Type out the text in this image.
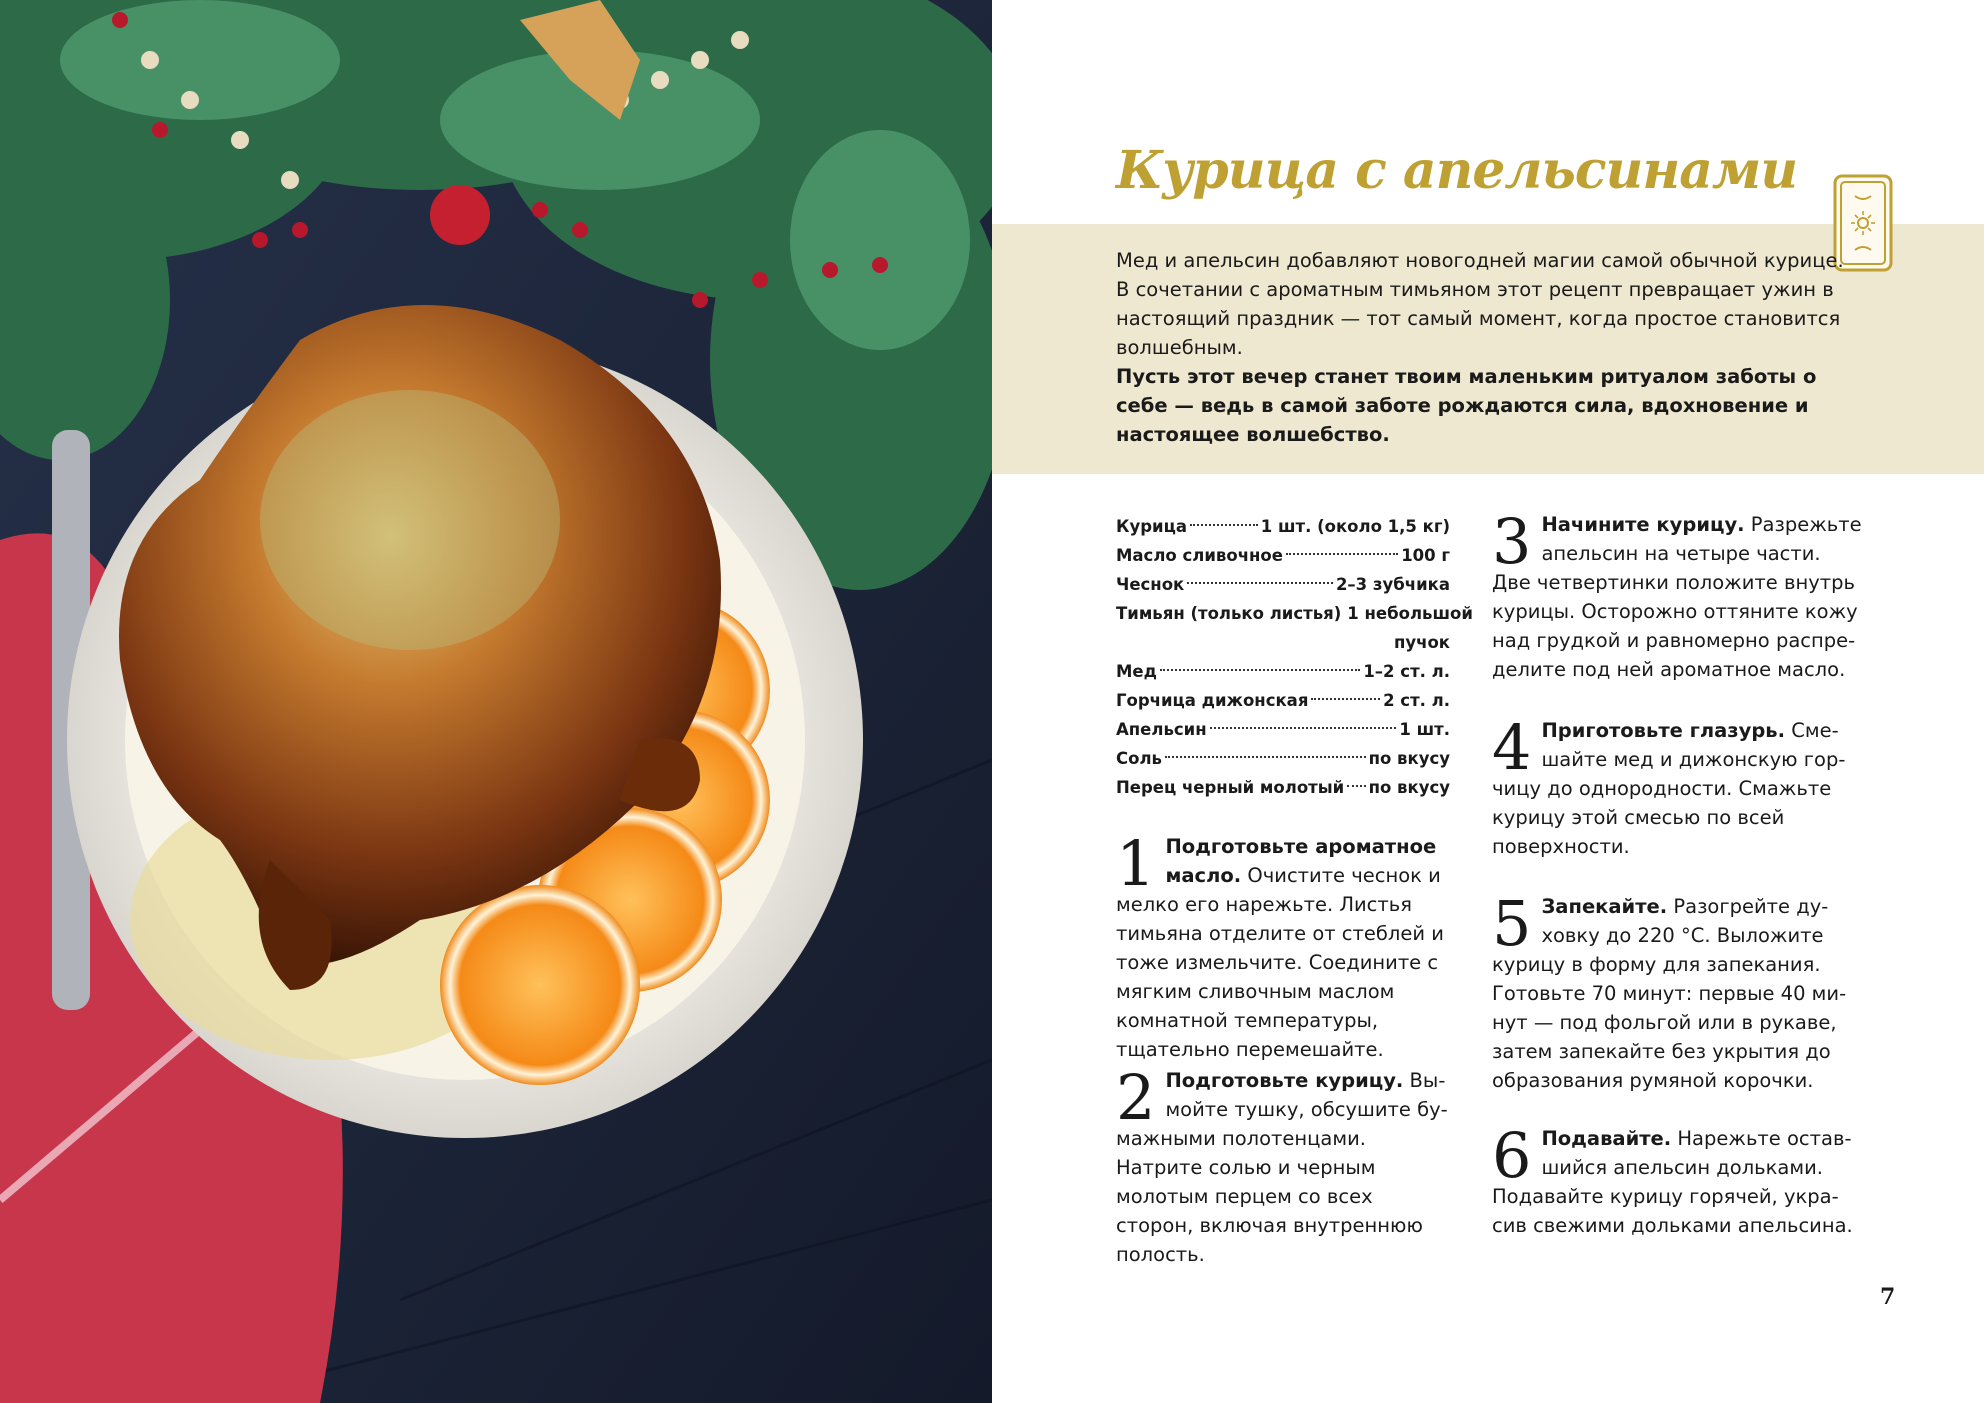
Курица с апельсинами

Мед и апельсин добавляют новогодней магии самой обычной курице. В сочетании с ароматным тимьяном этот рецепт превращает ужин в настоящий праздник — тот самый момент, когда простое становится волшебным.

Пусть этот вечер станет твоим маленьким ритуалом заботы о себе — ведь в самой заботе рождаются сила, вдохновение и настоящее волшебство.

Курица	1 шт. (около 1,5 кг)
Масло сливочное	100 г
Чеснок	2–3 зубчика
Тимьян (только листья) 1 небольшой
пучок
Мед	1–2 ст. л.
Горчица дижонская	2 ст. л.
Апельсин	1 шт.
Соль	по вкусу
Перец черный молотый по вкусу
1 Подготовьте ароматное масло. Очистите чеснок и мелко его нарежьте. Листья тимьяна отделите от стеблей и тоже измельчите. Соедините с мягким сливочным маслом комнатной температуры, тщательно перемешайте.
2 Подготовьте курицу. Вымойте тушку, обсушите бумажными полотенцами. Натрите солью и черным молотым перцем со всех сторон, включая внутреннюю полость.
3 Начините курицу. Разрежьте апельсин на четыре части. Две четвертинки положите внутрь курицы. Осторожно оттяните кожу над грудкой и равномерно распределите под ней ароматное масло.
4 Приготовьте глазурь. Смешайте мед и дижонскую горчицу до однородности. Смажьте курицу этой смесью по всей поверхности.
5 Запекайте. Разогрейте духовку до 220 °С. Выложите курицу в форму для запекания. Готовьте 70 минут: первые 40 минут — под фольгой или в рукаве, затем запекайте без укрытия до образования румяной корочки.
6 Подавайте. Нарежьте оставшийся апельсин дольками. Подавайте курицу горячей, украсив свежими дольками апельсина.
7
